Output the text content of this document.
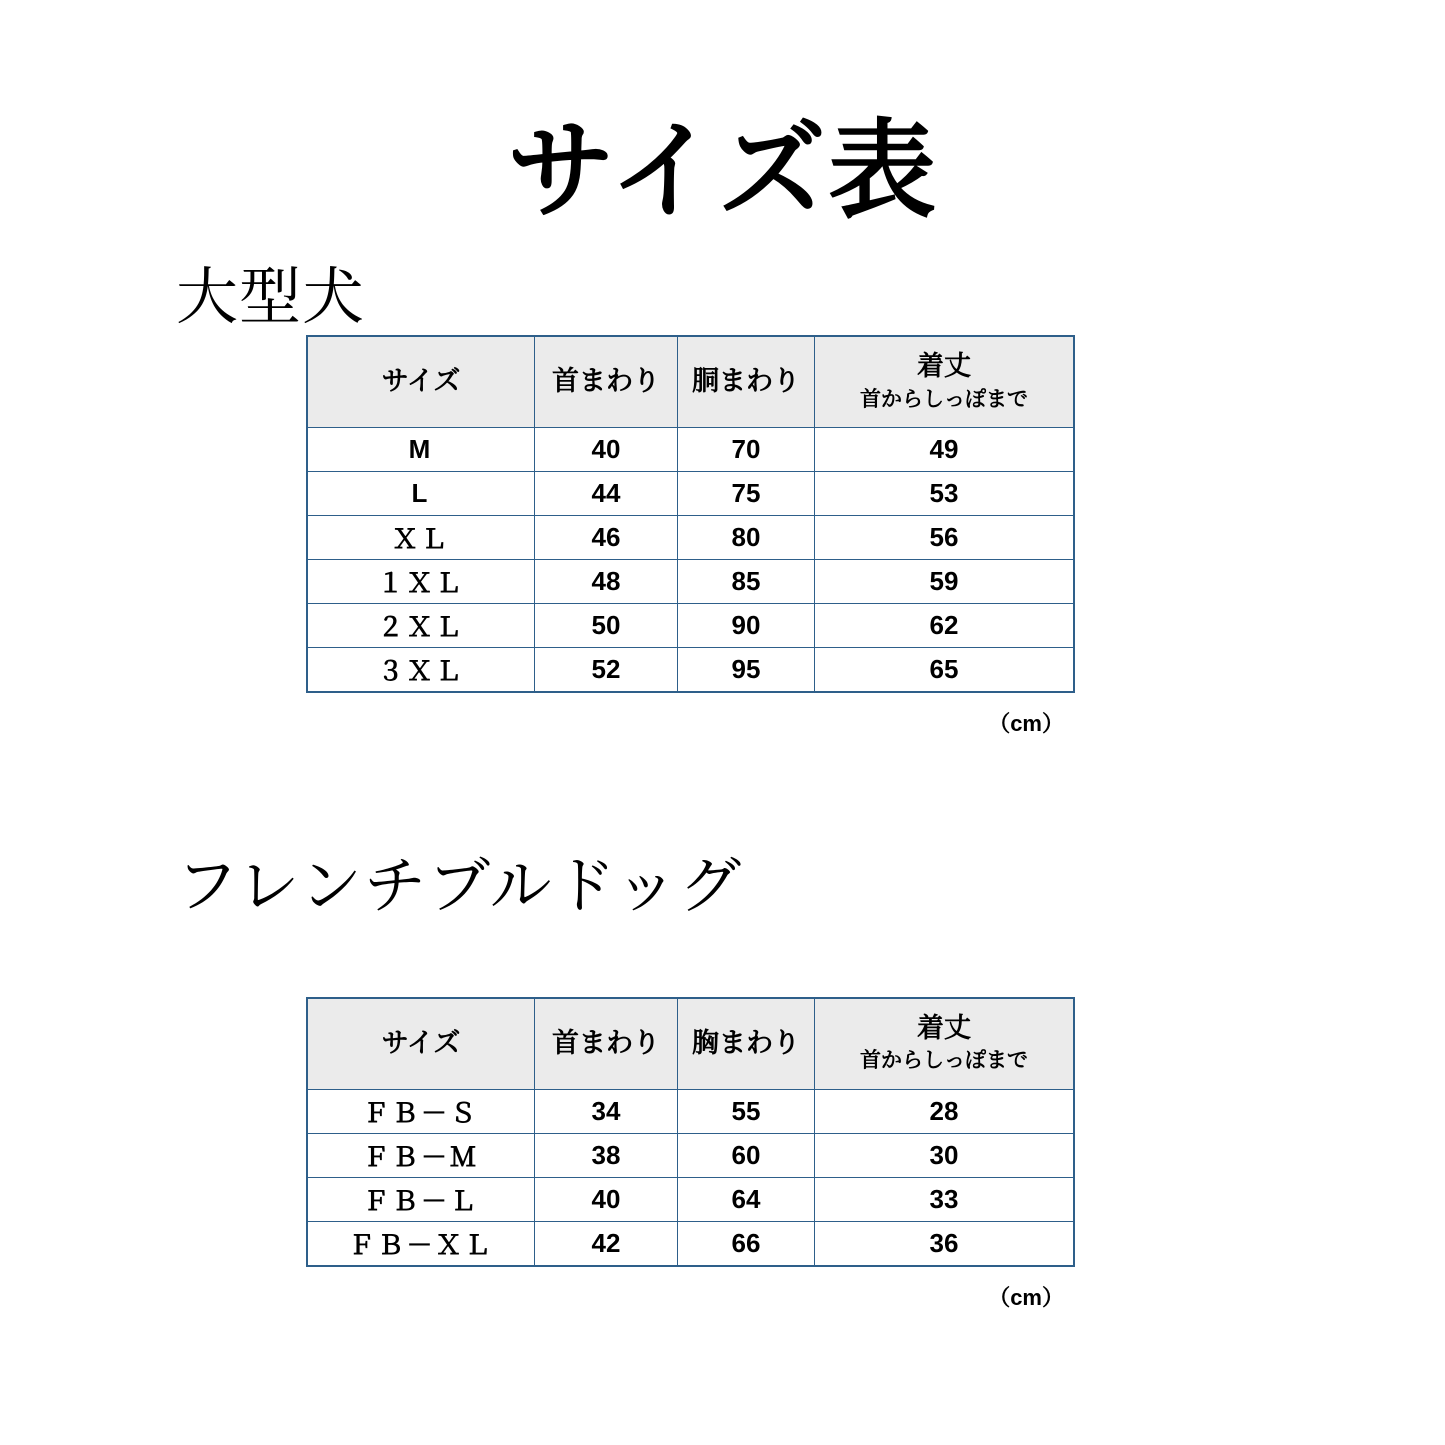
サイズ表
大型犬
サイズ	首まわり	胴まわり	着丈
首からしっぽまで

M	40	70	49
L	44	75	53
ＸＬ	46	80	56
１ＸＬ	48	85	59
２ＸＬ	50	90	62
３ＸＬ	52	95	65
（cm）
フレンチブルドッグ
サイズ	首まわり	胸まわり	着丈
首からしっぽまで

ＦＢ－Ｓ	34	55	28
ＦＢ－Ｍ	38	60	30
ＦＢ－Ｌ	40	64	33
ＦＢ－ＸＬ	42	66	36
（cm）
